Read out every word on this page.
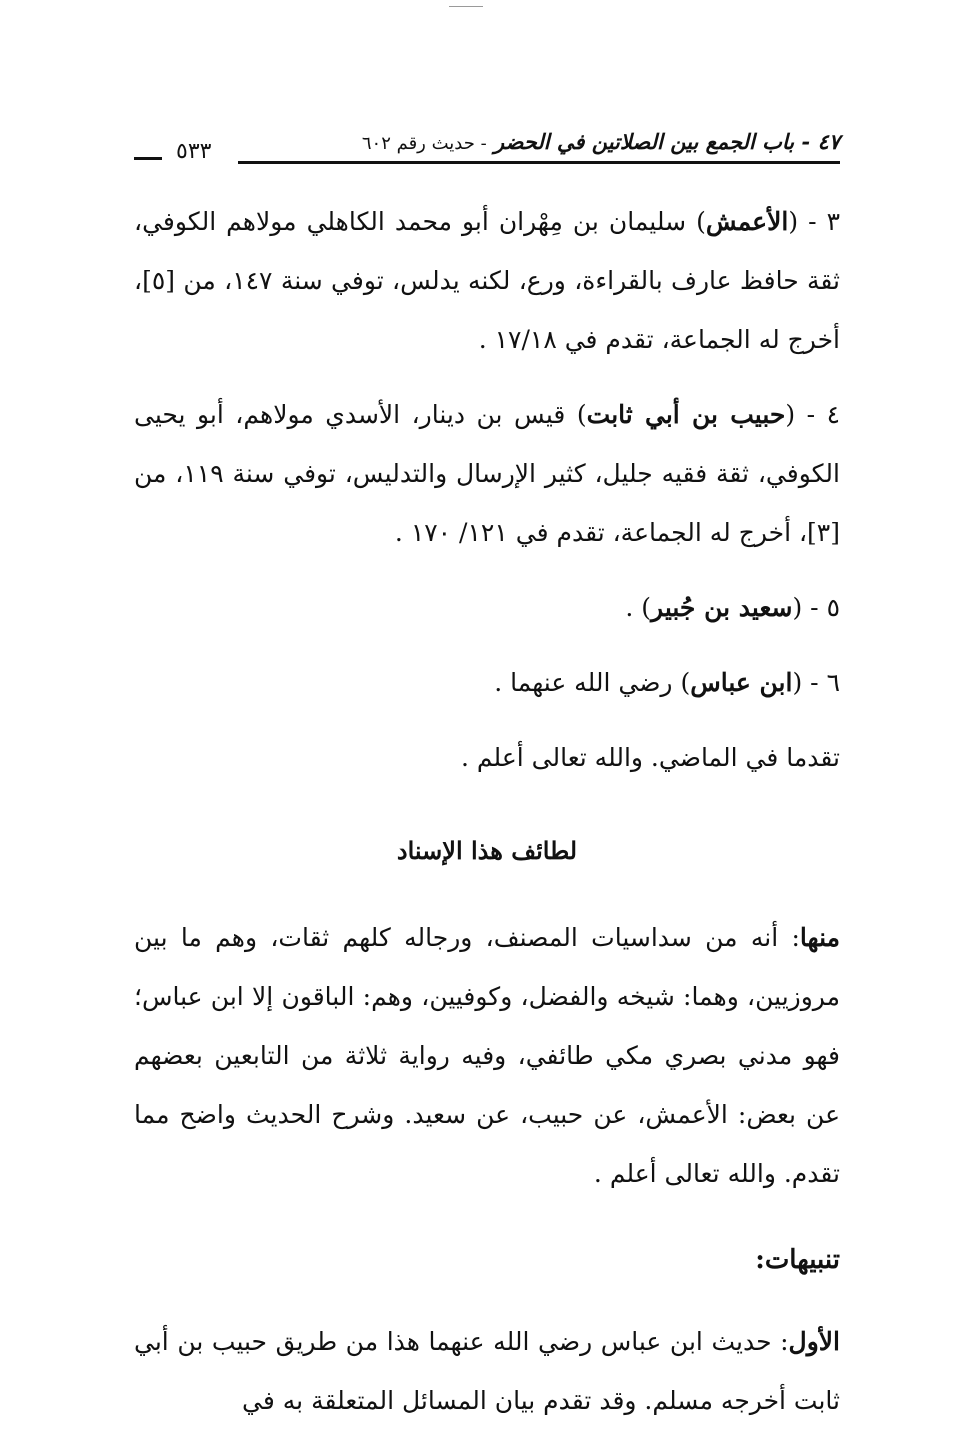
٤٧ - باب الجمع بين الصلاتين في الحضر - حديث رقم ٦٠٢
٥٣٣

٣ - (الأعمش) سليمان بن مِهْران أبو محمد الكاهلي مولاهم الكوفي، ثقة حافظ عارف بالقراءة، ورع، لكنه يدلس، توفي سنة ١٤٧، من [٥]، أخرج له الجماعة، تقدم في ١٧/١٨ .

٤ - (حبيب بن أبي ثابت) قيس بن دينار، الأسدي مولاهم، أبو يحيى الكوفي، ثقة فقيه جليل، كثير الإرسال والتدليس، توفي سنة ١١٩، من [٣]، أخرج له الجماعة، تقدم في ١٢١/ ١٧٠ .

٥ - (سعيد بن جُبير) .

٦ - (ابن عباس) رضي الله عنهما .

تقدما في الماضي. والله تعالى أعلم .

لطائف هذا الإسناد

منها: أنه من سداسيات المصنف، ورجاله كلهم ثقات، وهم ما بين مروزيين، وهما: شيخه والفضل، وكوفيين، وهم: الباقون إلا ابن عباس؛ فهو مدني بصري مكي طائفي، وفيه رواية ثلاثة من التابعين بعضهم عن بعض: الأعمش، عن حبيب، عن سعيد. وشرح الحديث واضح مما تقدم. والله تعالى أعلم .

تنبيهات:

الأول: حديث ابن عباس رضي الله عنهما هذا من طريق حبيب بن أبي ثابت أخرجه مسلم. وقد تقدم بيان المسائل المتعلقة به في
